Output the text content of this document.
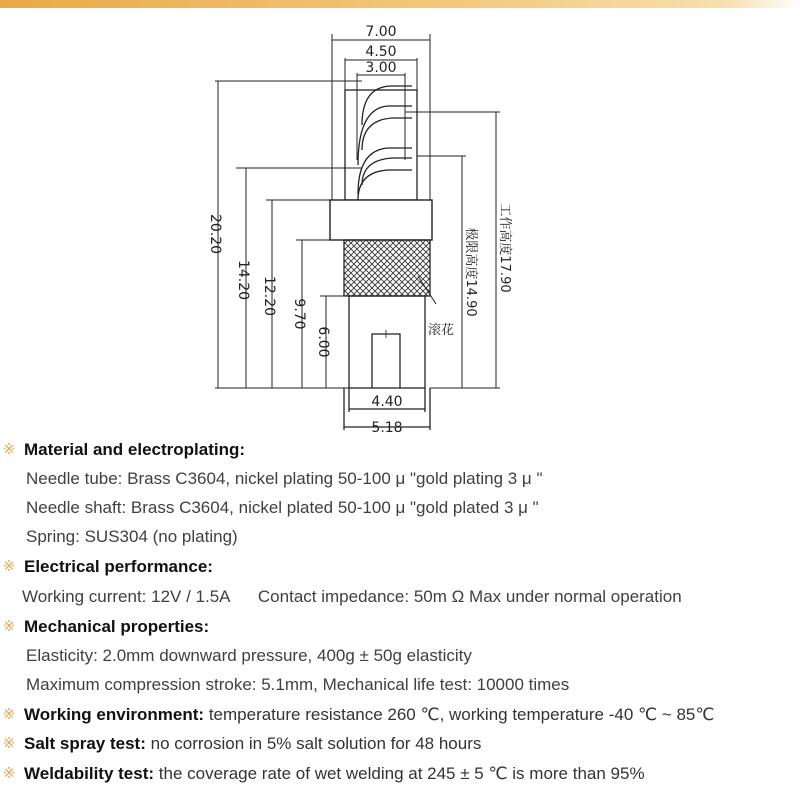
7.00
4.50
3.00
4.40
5.18
20.20
14.20 12.20 9.70
6.00
极限高度14.90 工作高度17.90
滚花
※ Material and electroplating:
Needle tube: Brass C3604, nickel plating 50-100 μ "gold plating 3 μ "
Needle shaft: Brass C3604, nickel plated 50-100 μ "gold plated 3 μ "
Spring: SUS304 (no plating)
※ Electrical performance:
Working current: 12V / 1.5A      Contact impedance: 50m Ω Max under normal operation
※ Mechanical properties:
Elasticity: 2.0mm downward pressure, 400g ± 50g elasticity
Maximum compression stroke: 5.1mm, Mechanical life test: 10000 times
※ Working environment: temperature resistance 260 ℃, working temperature -40 ℃ ~ 85℃
※ Salt spray test: no corrosion in 5% salt solution for 48 hours
※ Weldability test: the coverage rate of wet welding at 245 ± 5 ℃ is more than 95%
